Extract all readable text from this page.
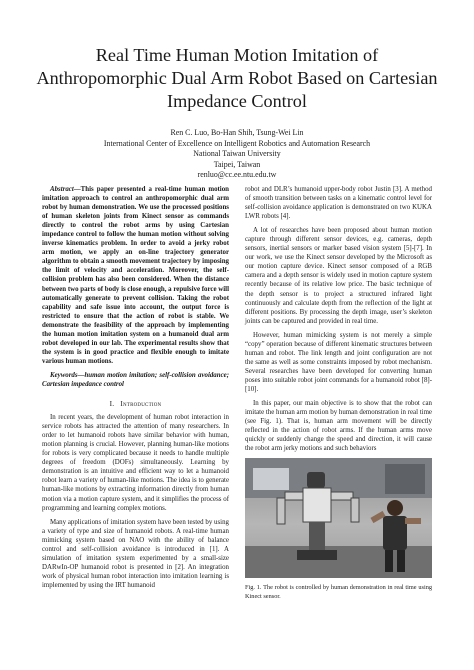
Real Time Human Motion Imitation of Anthropomorphic Dual Arm Robot Based on Cartesian Impedance Control
Ren C. Luo, Bo-Han Shih, Tsung-Wei Lin
International Center of Excellence on Intelligent Robotics and Automation Research
National Taiwan University
Taipei, Taiwan
renluo@cc.ee.ntu.edu.tw

Abstract—This paper presented a real-time human motion imitation approach to control an anthropomorphic dual arm robot by human demonstration. We use the processed positions of human skeleton joints from Kinect sensor as commands directly to control the robot arms by using Cartesian impedance control to follow the human motion without solving inverse kinematics problem. In order to avoid a jerky robot arm motion, we apply an on-line trajectory generator algorithm to obtain a smooth movement trajectory by imposing the limit of velocity and acceleration. Moreover, the self-collision problem has also been considered. When the distance between two parts of body is close enough, a repulsive force will automatically generate to prevent collision. Taking the robot capability and safe issue into account, the output force is restricted to ensure that the action of robot is stable. We demonstrate the feasibility of the approach by implementing the human motion imitation system on a humanoid dual arm robot developed in our lab. The experimental results show that the system is in good practice and flexible enough to imitate various human motions.

Keywords—human motion imitation; self-collision avoidance; Cartesian impedance control

I. Introduction

In recent years, the development of human robot interaction in service robots has attracted the attention of many researchers. In order to let humanoid robots have similar behavior with human, motion planning is crucial. However, planning human-like motions for robots is very complicated because it needs to handle multiple degrees of freedom (DOFs) simultaneously. Learning by demonstration is an intuitive and efficient way to let a humanoid robot learn a variety of human-like motions. The idea is to generate human-like motions by extracting information directly from human motion via a motion capture system, and it simplifies the process of programming and learning complex motions.

Many applications of imitation system have been tested by using a variety of type and size of humanoid robots. A real-time human mimicking system based on NAO with the ability of balance control and self-collision avoidance is introduced in [1]. A simulation of imitation system experimented by a small-size DARwIn-OP humanoid robot is presented in [2]. An integration work of physical human robot interaction into imitation learning is implemented by using the IRT humanoid

robot and DLR’s humanoid upper-body robot Justin [3]. A method of smooth transition between tasks on a kinematic control level for self-collision avoidance application is demonstrated on two KUKA LWR robots [4].

A lot of researches have been proposed about human motion capture through different sensor devices, e.g. cameras, depth sensors, inertial sensors or marker based vision system [5]-[7]. In our work, we use the Kinect sensor developed by the Microsoft as our motion capture device. Kinect sensor composed of a RGB camera and a depth sensor is widely used in motion capture system recently because of its relative low price. The basic technique of the depth sensor is to project a structured infrared light continuously and calculate depth from the reflection of the light at different positions. By processing the depth image, user’s skeleton joints can be captured and provided in real time.

However, human mimicking system is not merely a simple “copy” operation because of different kinematic structures between human and robot. The link length and joint configuration are not the same as well as some constraints imposed by robot mechanism. Several researches have been developed for converting human poses into suitable robot joint commands for a humanoid robot [8]-[10].

In this paper, our main objective is to show that the robot can imitate the human arm motion by human demonstration in real time (see Fig. 1). That is, human arm movement will be directly reflected in the action of robot arms. If the human arms move quickly or suddenly change the speed and direction, it will cause the robot arm jerky motions and such behaviors

Fig. 1. The robot is controlled by human demonstration in real time using Kinect sensor.
